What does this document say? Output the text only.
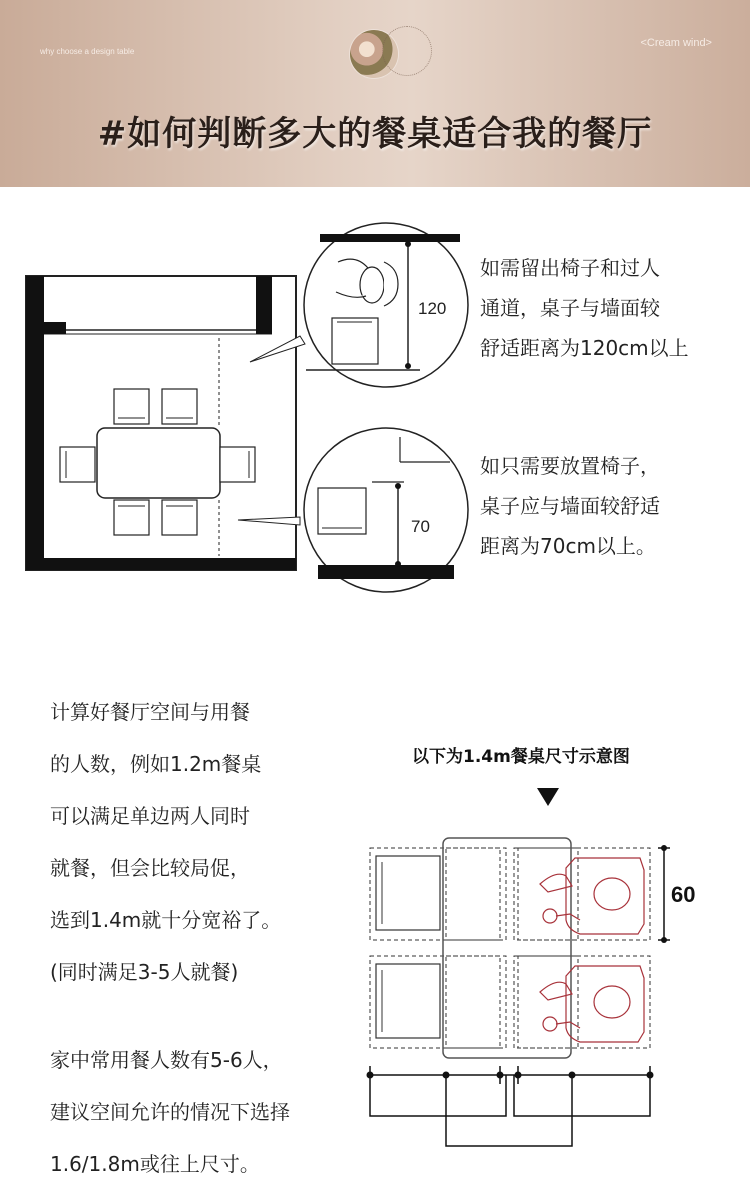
why choose a design table
<Cream wind>
#如何判断多大的餐桌适合我的餐厅
120
70
60
如需留出椅子和过人
通道，桌子与墙面较
舒适距离为120cm以上
如只需要放置椅子，
桌子应与墙面较舒适
距离为70cm以上。
计算好餐厅空间与用餐
的人数，例如1.2m餐桌
可以满足单边两人同时
就餐，但会比较局促，
选到1.4m就十分宽裕了。
(同时满足3-5人就餐)
家中常用餐人数有5-6人，
建议空间允许的情况下选择
1.6/1.8m或往上尺寸。
以下为1.4m餐桌尺寸示意图
